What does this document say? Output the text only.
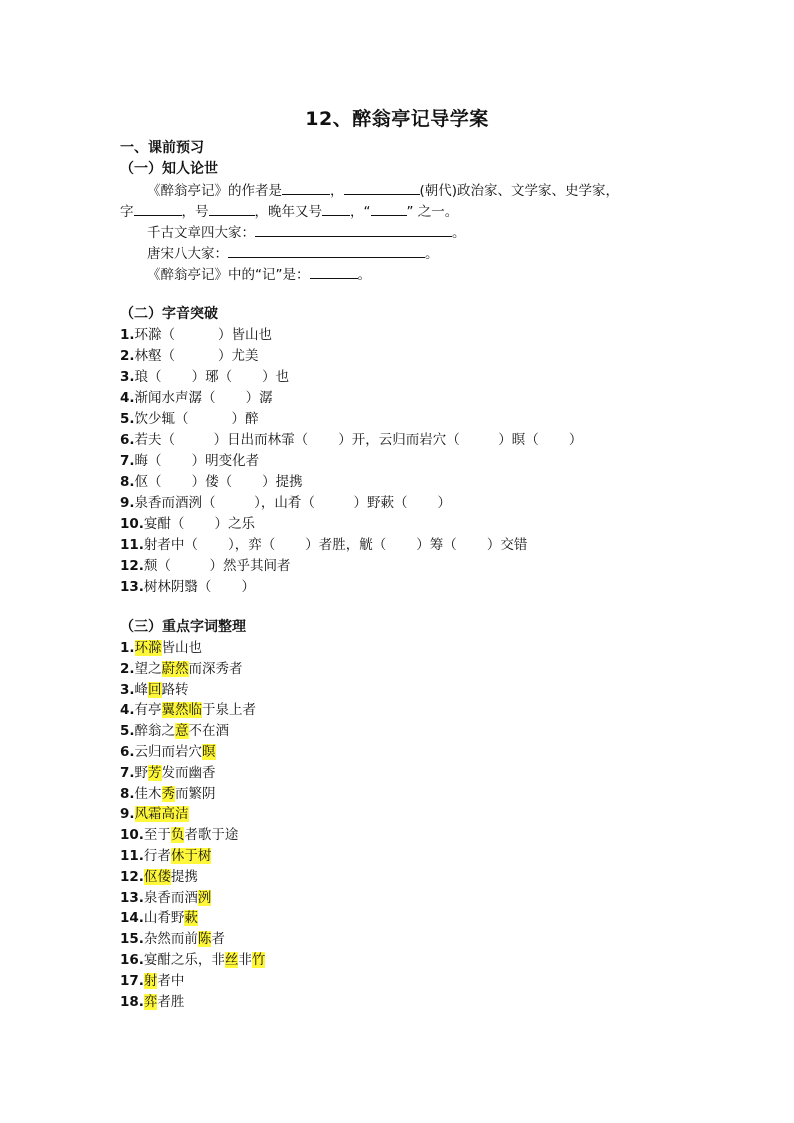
12、醉翁亭记导学案
一、课前预习
（一）知人论世
《醉翁亭记》的作者是	，	(朝代)政治家、文学家、史学家，
字	，号	，晚年又号 ，“	” 之一。
千古文章四大家：	。
唐宋八大家：	。
《醉翁亭记》中的“记”是：	。
（二）字音突破
1.环滁（          ）皆山也
2.林壑（          ）尤美
3.琅（       ）琊（       ）也
4.渐闻水声潺（       ）潺
5.饮少辄（          ）醉
6.若夫（         ）日出而林霏（       ）开，云归而岩穴（         ）暝（       ）
7.晦（       ）明变化者
8.伛（       ）偻（       ）提携
9.泉香而酒洌（         ），山肴（         ）野蔌（       ）
10.宴酣（       ）之乐
11.射者中（       ），弈（       ）者胜，觥（       ）筹（       ）交错
12.颓（         ）然乎其间者
13.树林阴翳（       ）
（三）重点字词整理
1.环滁皆山也
2.望之蔚然而深秀者
3.峰回路转
4.有亭翼然临于泉上者
5.醉翁之意不在酒
6.云归而岩穴暝
7.野芳发而幽香
8.佳木秀而繁阴
9.风霜高洁
10.至于负者歌于途
11.行者休于树
12.伛偻提携
13.泉香而酒洌
14.山肴野蔌
15.杂然而前陈者
16.宴酣之乐，非丝非竹
17.射者中
18.弈者胜
